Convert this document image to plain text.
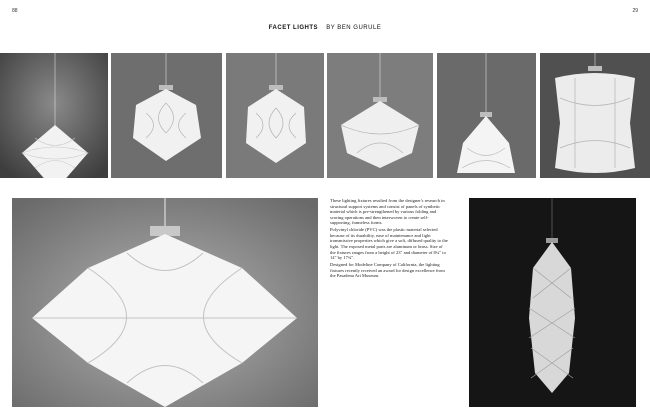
88	29
FACET LIGHTS BY BEN GURULE

These lighting fixtures resulted from the designer's research in structural support systems and consist of panels of synthetic material which is pre-strengthened by various folding and scoring operations and then interwoven to create self-supporting, frameless forms.

Polyvinyl chloride (PVC) was the plastic material selected because of its durability, ease of maintenance and light transmissive properties which give a soft, diffused quality to the light. The exposed metal parts are aluminum or brass. Size of the fixtures ranges from a height of 23" and diameter of 8¼" to 14" by 17¾".

Designed for Modeline Company of California, the lighting fixtures recently received an award for design excellence from the Pasadena Art Museum.
